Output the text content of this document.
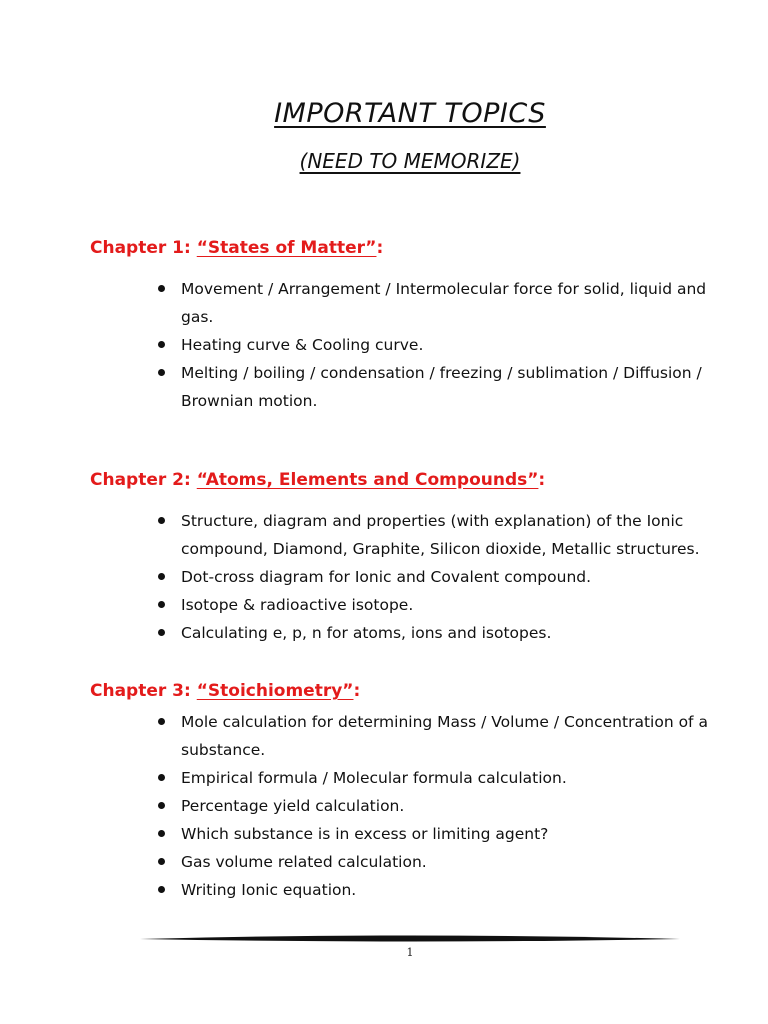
IMPORTANT TOPICS
(NEED TO MEMORIZE)
Chapter 1: “States of Matter”:
Movement / Arrangement / Intermolecular force for solid, liquid and gas.
Heating curve & Cooling curve.
Melting / boiling / condensation / freezing / sublimation / Diffusion / Brownian motion.
Chapter 2: “Atoms, Elements and Compounds”:
Structure, diagram and properties (with explanation) of the Ionic compound, Diamond, Graphite, Silicon dioxide, Metallic structures.
Dot-cross diagram for Ionic and Covalent compound.
Isotope & radioactive isotope.
Calculating e, p, n for atoms, ions and isotopes.
Chapter 3: “Stoichiometry”:
Mole calculation for determining Mass / Volume / Concentration of a substance.
Empirical formula / Molecular formula calculation.
Percentage yield calculation.
Which substance is in excess or limiting agent?
Gas volume related calculation.
Writing Ionic equation.
1
